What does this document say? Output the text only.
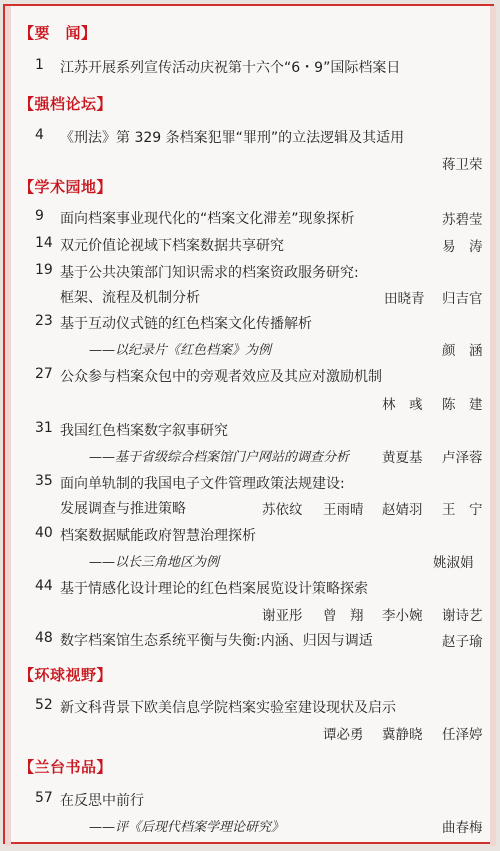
【要　闻】
1 江苏开展系列宣传活动庆祝第十六个“6・9”国际档案日
【强档论坛】
4 《刑法》第 329 条档案犯罪“罪刑”的立法逻辑及其适用
蒋卫荣
【学术园地】
9 面向档案事业现代化的“档案文化滞差”现象探析	苏碧莹
14 双元价值论视域下档案数据共享研究	易　涛
19 基于公共决策部门知识需求的档案资政服务研究:
框架、流程及机制分析	田晓青 归吉官
23 基于互动仪式链的红色档案文化传播解析
——以纪录片《红色档案》为例	颜　涵
27 公众参与档案众包中的旁观者效应及其应对激励机制
林　彧 陈　建
31 我国红色档案数字叙事研究
——基于省级综合档案馆门户网站的调查分析 黄夏基 卢泽蓉
35 面向单轨制的我国电子文件管理政策法规建设:
发展调查与推进策略	苏依纹 王雨晴 赵婧羽 王　宁
40 档案数据赋能政府智慧治理探析
——以长三角地区为例	姚淑娟
44 基于情感化设计理论的红色档案展览设计策略探索
谢亚彤 曾　翔 李小婉 谢诗艺
48 数字档案馆生态系统平衡与失衡:内涵、归因与调适	赵子瑜
【环球视野】
52 新文科背景下欧美信息学院档案实验室建设现状及启示
谭必勇 冀静晓 任泽婷
【兰台书品】
57 在反思中前行
——评《后现代档案学理论研究》	曲春梅
